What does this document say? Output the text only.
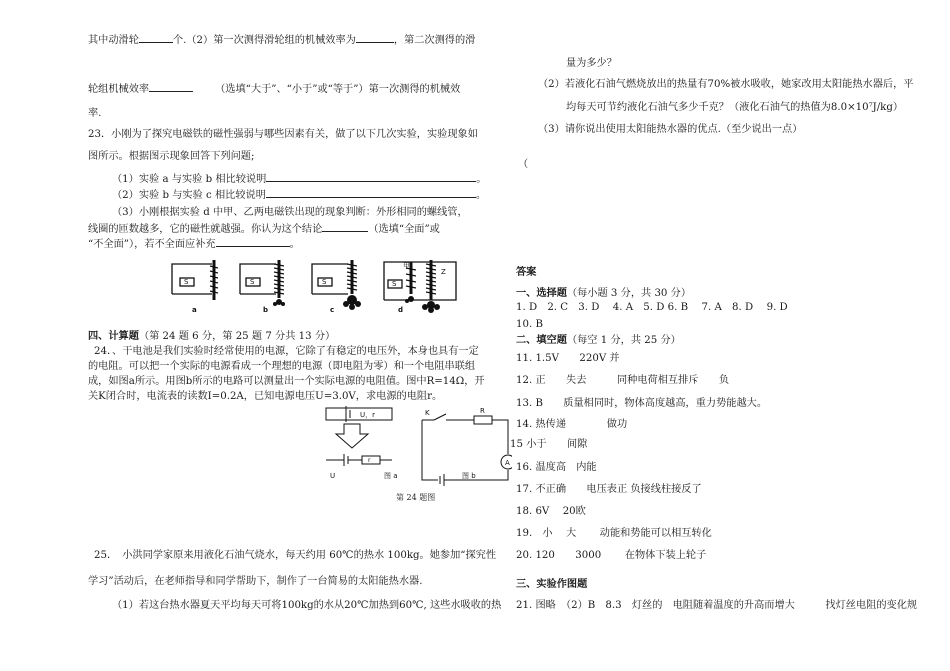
其中动滑轮	个.（2）第一次测得滑轮组的机械效率为	，第二次测得的滑
轮组机械效率	（选填“大于”、“小于”或“等于”）第一次测得的机械效
率.
23．小刚为了探究电磁铁的磁性强弱与哪些因素有关，做了以下几次实验，实验现象如
图所示。根据图示现象回答下列问题;
（1）实验 a 与实验 b 相比较说明	。
（2）实验 b 与实验 c 相比较说明	。
（3）小刚根据实验 d 中甲、乙两电磁铁出现的现象判断：外形相同的螺线管，
线圈的匝数越多，它的磁性就越强。你认为这个结论	（选填“全面”或
“不全面”），若不全面应补充	。
S	S	S	S
甲
Z
a	b	c	d
四、计算题（第 24 题 6 分，第 25 题 7 分共 13 分）
24．、干电池是我们实验时经常使用的电源，它除了有稳定的电压外，本身也具有一定
的电阻。可以把一个实际的电源看成一个理想的电源（即电阻为零）和一个电阻串联组
成，如图a所示。用图b所示的电路可以测量出一个实际电源的电阻值。图中R=14Ω，开
关K闭合时，电流表的读数I=0.2A，已知电源电压U=3.0V，求电源的电阻r。
U，r
U
r
图 a
K	R
A
图 b
第 24 题图
25．　小洪同学家原来用液化石油气烧水，每天约用 60℃的热水 100kg。她参加“探究性
学习”活动后，在老师指导和同学帮助下，制作了一台简易的太阳能热水器.
（1）若这台热水器夏天平均每天可将100kg的水从20℃加热到60℃, 这些水吸收的热
量为多少？
（2）若液化石油气燃烧放出的热量有70%被水吸收，她家改用太阳能热水器后，平
均每天可节约液化石油气多少千克？（液化石油气的热值为8.0×10⁷J/kg）
（3）请你说出使用太阳能热水器的优点.（至少说出一点）
（
答案
一、选择题（每小题 3 分，共 30 分）
1. D　2. C　3. D　 4. A　5. D 6. B　 7. A　8. D　 9. D
10. B
二、填空题（每空 1 分，共 25 分）
11. 1.5V　　220V 并
12. 正　　失去　　　同种电荷相互排斥　　负
13. B　　质量相同时，物体高度越高，重力势能越大。
14. 热传递　　　　做功
15 小于　　间隙
16. 温度高　内能
17. 不正确　　电压表正 负接线柱接反了
18. 6V　 20欧
19.　小　 大　　 动能和势能可以相互转化
20. 120　　3000　　 在物体下装上轮子
三、实验作图题
21. 图略　（2）B　8.3　灯丝的　电阻随着温度的升高而增大　　　找灯丝电阻的变化规
